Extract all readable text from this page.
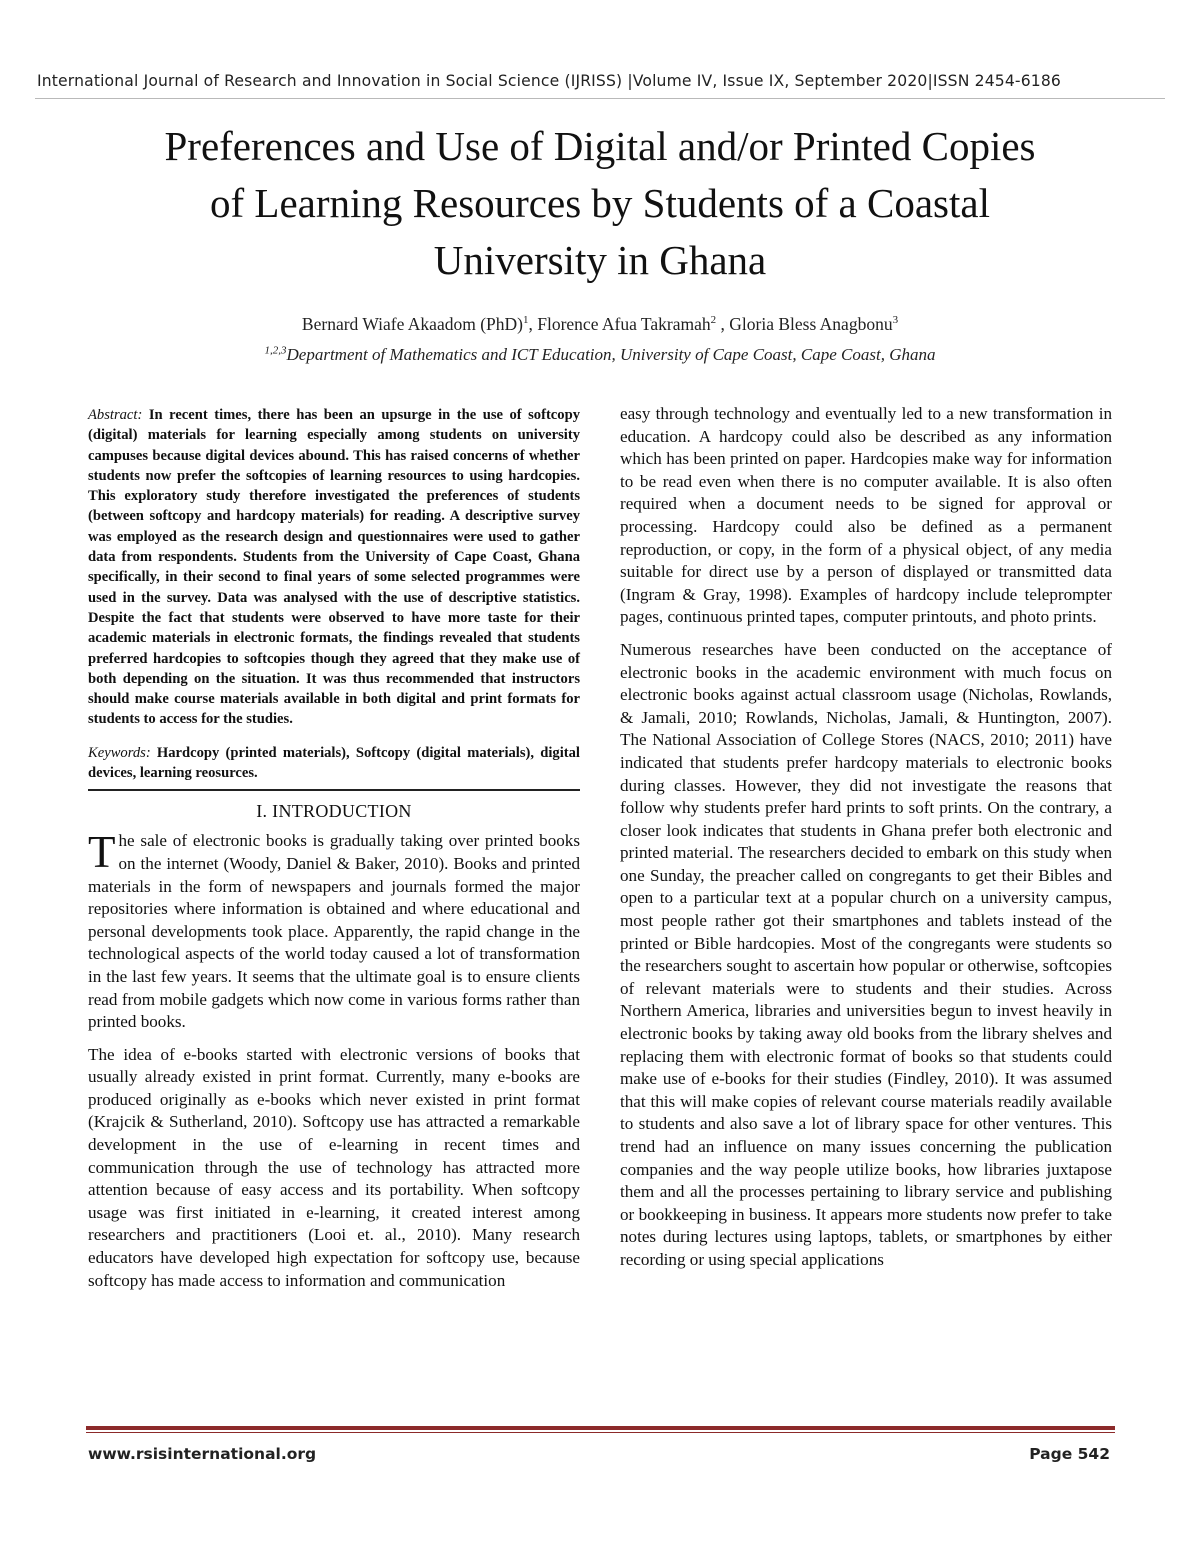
International Journal of Research and Innovation in Social Science (IJRISS) |Volume IV, Issue IX, September 2020|ISSN 2454-6186
Preferences and Use of Digital and/or Printed Copies
of Learning Resources by Students of a Coastal
University in Ghana
Bernard Wiafe Akaadom (PhD)$^1$, Florence Afua Takramah$^2$ , Gloria Bless Anagbonu$^3$
$^{1,2,3}$Department of Mathematics and ICT Education, University of Cape Coast, Cape Coast, Ghana

Abstract: In recent times, there has been an upsurge in the use of softcopy (digital) materials for learning especially among students on university campuses because digital devices abound. This has raised concerns of whether students now prefer the softcopies of learning resources to using hardcopies. This exploratory study therefore investigated the preferences of students (between softcopy and hardcopy materials) for reading. A descriptive survey was employed as the research design and questionnaires were used to gather data from respondents. Students from the University of Cape Coast, Ghana specifically, in their second to final years of some selected programmes were used in the survey. Data was analysed with the use of descriptive statistics. Despite the fact that students were observed to have more taste for their academic materials in electronic formats, the findings revealed that students preferred hardcopies to softcopies though they agreed that they make use of both depending on the situation. It was thus recommended that instructors should make course materials available in both digital and print formats for students to access for the studies.

Keywords: Hardcopy (printed materials), Softcopy (digital materials), digital devices, learning reosurces.

I. INTRODUCTION

The sale of electronic books is gradually taking over printed books on the internet (Woody, Daniel & Baker, 2010). Books and printed materials in the form of newspapers and journals formed the major repositories where information is obtained and where educational and personal developments took place. Apparently, the rapid change in the technological aspects of the world today caused a lot of transformation in the last few years. It seems that the ultimate goal is to ensure clients read from mobile gadgets which now come in various forms rather than printed books.

The idea of e-books started with electronic versions of books that usually already existed in print format. Currently, many e-books are produced originally as e-books which never existed in print format (Krajcik & Sutherland, 2010). Softcopy use has attracted a remarkable development in the use of e-learning in recent times and communication through the use of technology has attracted more attention because of easy access and its portability. When softcopy usage was first initiated in e-learning, it created interest among researchers and practitioners (Looi et. al., 2010). Many research educators have developed high expectation for softcopy use, because softcopy has made access to information and communication

easy through technology and eventually led to a new transformation in education. A hardcopy could also be described as any information which has been printed on paper. Hardcopies make way for information to be read even when there is no computer available. It is also often required when a document needs to be signed for approval or processing. Hardcopy could also be defined as a permanent reproduction, or copy, in the form of a physical object, of any media suitable for direct use by a person of displayed or transmitted data (Ingram & Gray, 1998). Examples of hardcopy include teleprompter pages, continuous printed tapes, computer printouts, and photo prints.

Numerous researches have been conducted on the acceptance of electronic books in the academic environment with much focus on electronic books against actual classroom usage (Nicholas, Rowlands, & Jamali, 2010; Rowlands, Nicholas, Jamali, & Huntington, 2007). The National Association of College Stores (NACS, 2010; 2011) have indicated that students prefer hardcopy materials to electronic books during classes. However, they did not investigate the reasons that follow why students prefer hard prints to soft prints. On the contrary, a closer look indicates that students in Ghana prefer both electronic and printed material. The researchers decided to embark on this study when one Sunday, the preacher called on congregants to get their Bibles and open to a particular text at a popular church on a university campus, most people rather got their smartphones and tablets instead of the printed or Bible hardcopies. Most of the congregants were students so the researchers sought to ascertain how popular or otherwise, softcopies of relevant materials were to students and their studies. Across Northern America, libraries and universities begun to invest heavily in electronic books by taking away old books from the library shelves and replacing them with electronic format of books so that students could make use of e-books for their studies (Findley, 2010). It was assumed that this will make copies of relevant course materials readily available to students and also save a lot of library space for other ventures. This trend had an influence on many issues concerning the publication companies and the way people utilize books, how libraries juxtapose them and all the processes pertaining to library service and publishing or bookkeeping in business. It appears more students now prefer to take notes during lectures using laptops, tablets, or smartphones by either recording or using special applications

www.rsisinternational.org	Page 542
